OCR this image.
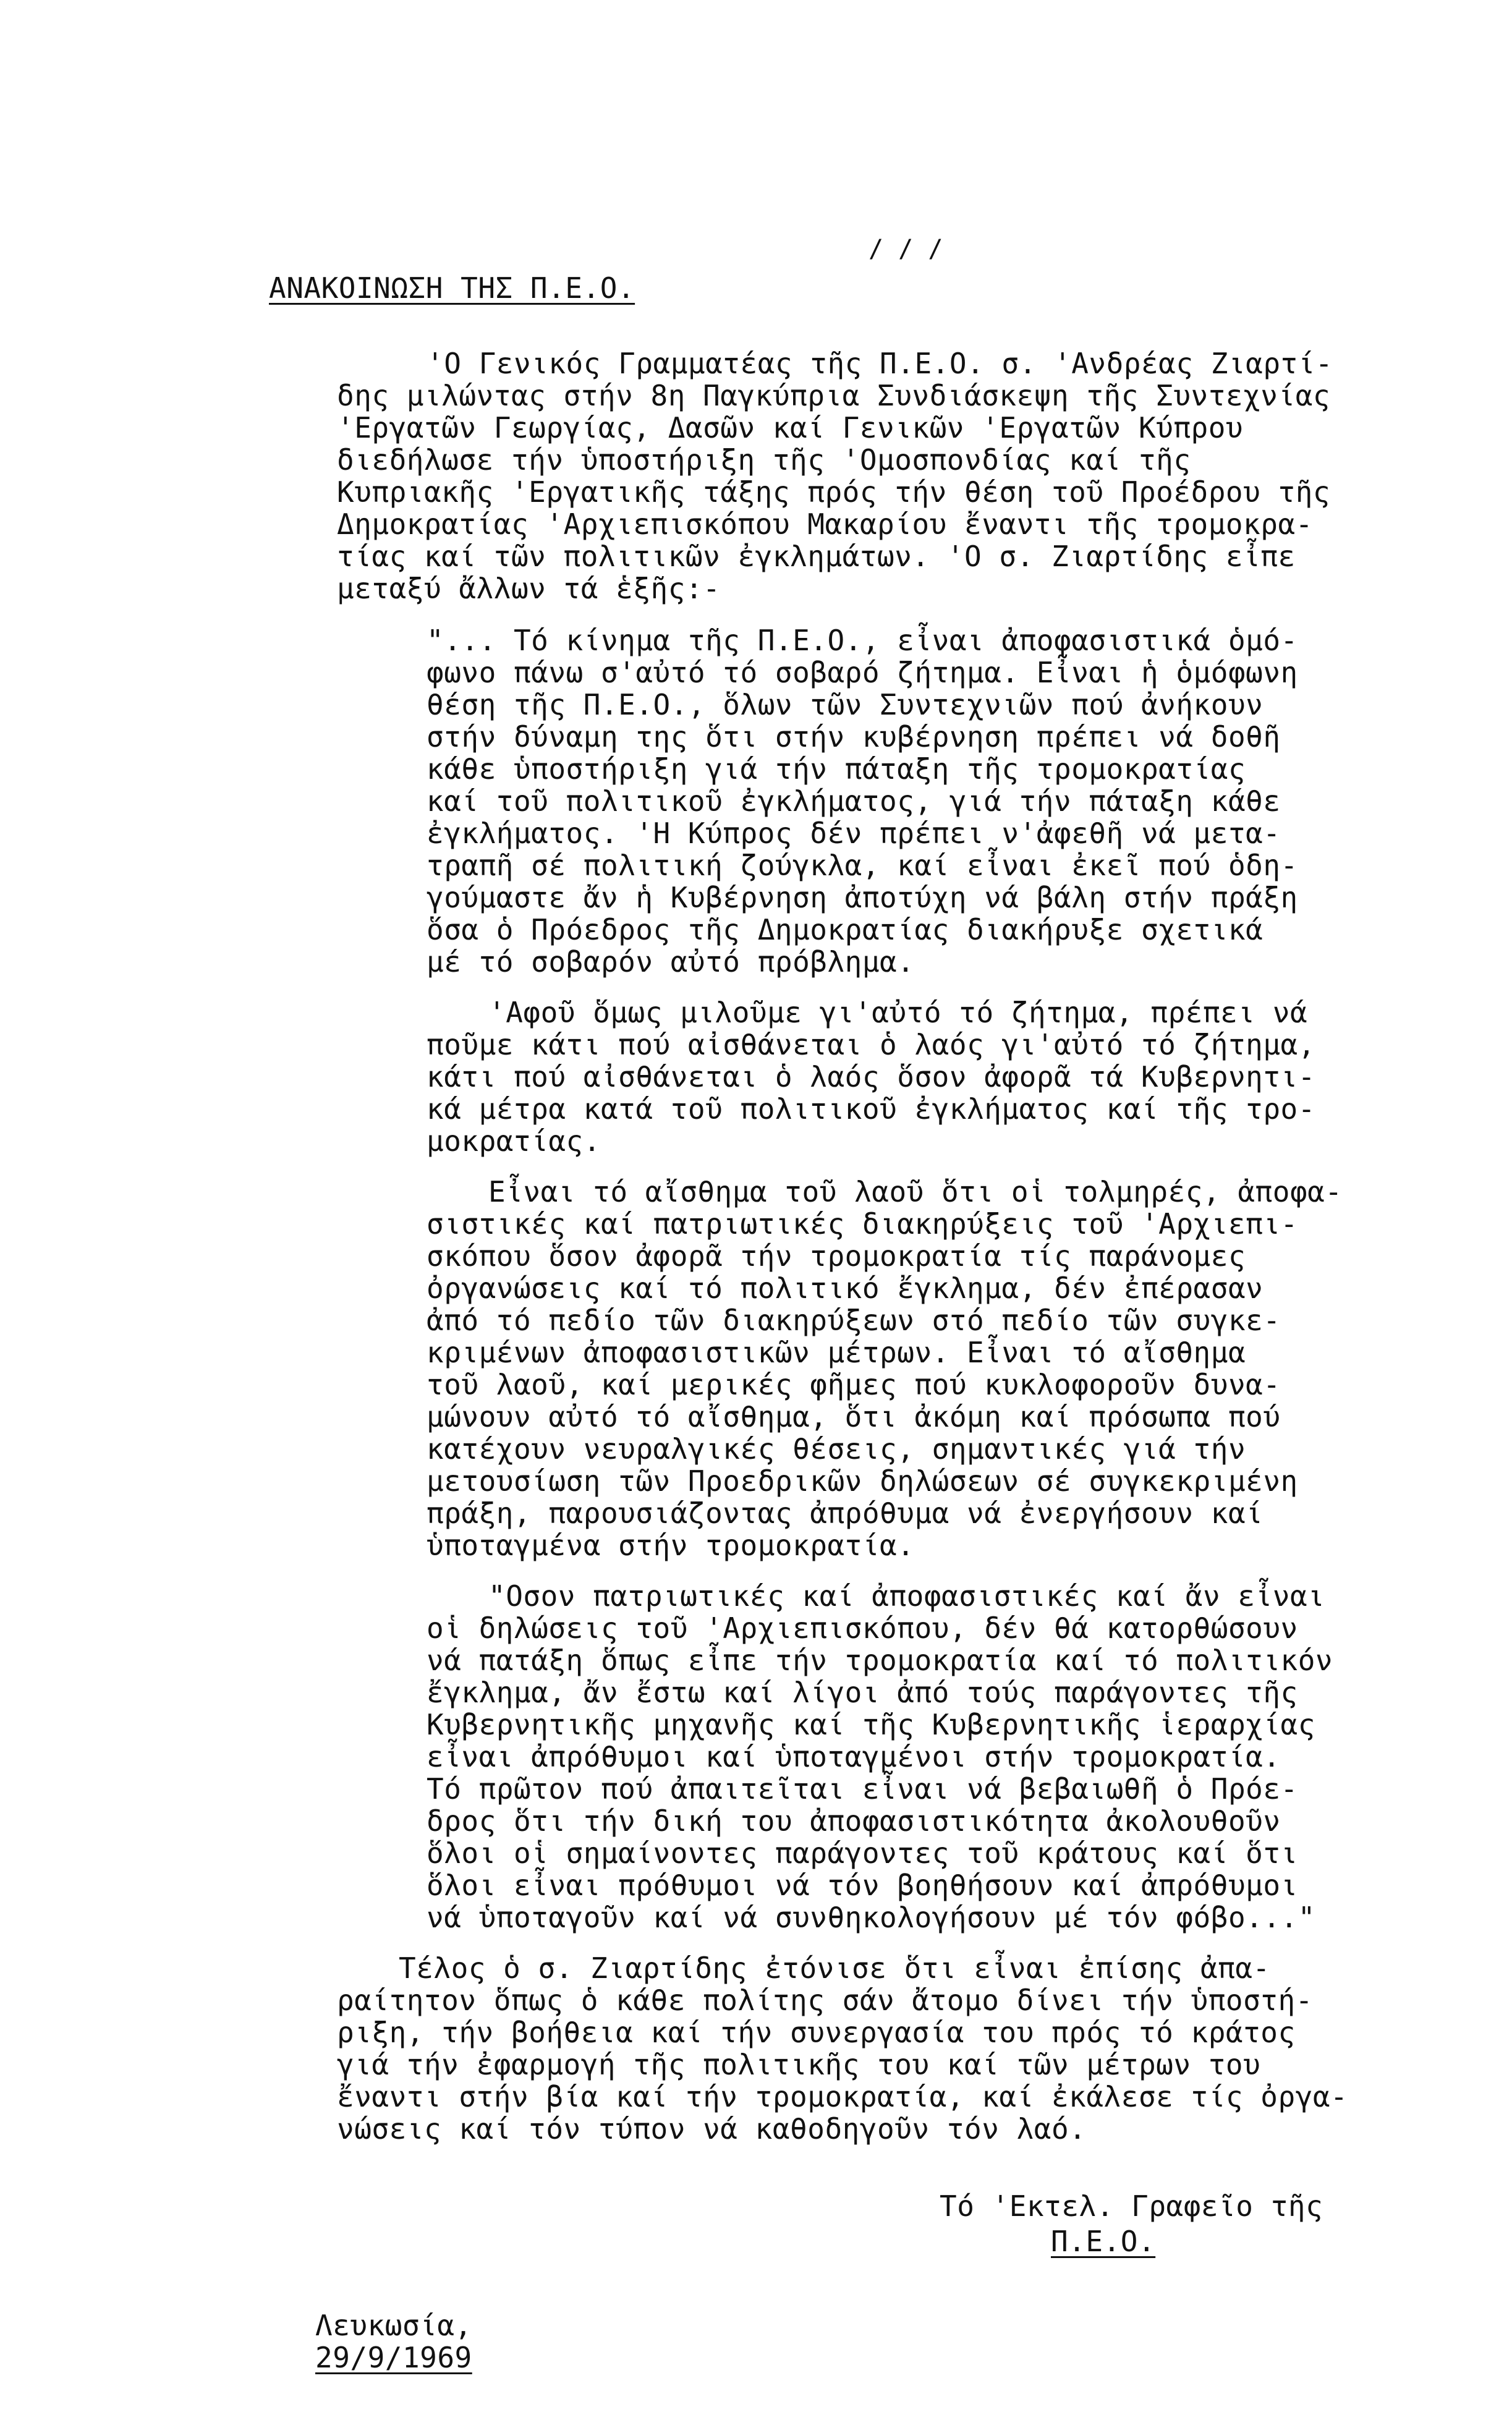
/ / /
ΑΝΑΚΟΙΝΩΣΗ ΤΗΣ Π.Ε.Ο.
'Ο Γενικός Γραμματέας τῆς Π.Ε.Ο. σ. 'Ανδρέας Ζιαρτί-
δης μιλώντας στήν 8η Παγκύπρια Συνδιάσκεψη τῆς Συντεχνίας
'Εργατῶν Γεωργίας, Δασῶν καί Γενικῶν 'Εργατῶν Κύπρου
διεδήλωσε τήν ὑποστήριξη τῆς 'Ομοσπονδίας καί τῆς
Κυπριακῆς 'Εργατικῆς τάξης πρός τήν θέση τοῦ Προέδρου τῆς
Δημοκρατίας 'Αρχιεπισκόπου Μακαρίου ἔναντι τῆς τρομοκρα-
τίας καί τῶν πολιτικῶν ἐγκλημάτων. 'Ο σ. Ζιαρτίδης εἶπε
μεταξύ ἄλλων τά ἑξῆς:-
"... Τό κίνημα τῆς Π.Ε.Ο., εἶναι ἀποφασιστικά ὁμό-
φωνο πάνω σ'αὐτό τό σοβαρό ζήτημα. Εἶναι ἡ ὁμόφωνη
θέση τῆς Π.Ε.Ο., ὅλων τῶν Συντεχνιῶν πού ἀνήκουν
στήν δύναμη της ὅτι στήν κυβέρνηση πρέπει νά δοθῆ
κάθε ὑποστήριξη γιά τήν πάταξη τῆς τρομοκρατίας
καί τοῦ πολιτικοῦ ἐγκλήματος, γιά τήν πάταξη κάθε
ἐγκλήματος. 'Η Κύπρος δέν πρέπει ν'ἀφεθῆ νά μετα-
τραπῆ σέ πολιτική ζούγκλα, καί εἶναι ἐκεῖ πού ὁδη-
γούμαστε ἄν ἡ Κυβέρνηση ἀποτύχη νά βάλη στήν πράξη
ὅσα ὁ Πρόεδρος τῆς Δημοκρατίας διακήρυξε σχετικά
μέ τό σοβαρόν αὐτό πρόβλημα.
'Αφοῦ ὅμως μιλοῦμε γι'αὐτό τό ζήτημα, πρέπει νά
ποῦμε κάτι πού αἰσθάνεται ὁ λαός γι'αὐτό τό ζήτημα,
κάτι πού αἰσθάνεται ὁ λαός ὅσον ἀφορᾶ τά Κυβερνητι-
κά μέτρα κατά τοῦ πολιτικοῦ ἐγκλήματος καί τῆς τρο-
μοκρατίας.
Εἶναι τό αἴσθημα τοῦ λαοῦ ὅτι οἱ τολμηρές, ἀποφα-
σιστικές καί πατριωτικές διακηρύξεις τοῦ 'Αρχιεπι-
σκόπου ὅσον ἀφορᾶ τήν τρομοκρατία τίς παράνομες
ὀργανώσεις καί τό πολιτικό ἔγκλημα, δέν ἐπέρασαν
ἀπό τό πεδίο τῶν διακηρύξεων στό πεδίο τῶν συγκε-
κριμένων ἀποφασιστικῶν μέτρων. Εἶναι τό αἴσθημα
τοῦ λαοῦ, καί μερικές φῆμες πού κυκλοφοροῦν δυνα-
μώνουν αὐτό τό αἴσθημα, ὅτι ἀκόμη καί πρόσωπα πού
κατέχουν νευραλγικές θέσεις, σημαντικές γιά τήν
μετουσίωση τῶν Προεδρικῶν δηλώσεων σέ συγκεκριμένη
πράξη, παρουσιάζοντας ἀπρόθυμα νά ἐνεργήσουν καί
ὑποταγμένα στήν τρομοκρατία.
"Οσον πατριωτικές καί ἀποφασιστικές καί ἄν εἶναι
οἱ δηλώσεις τοῦ 'Αρχιεπισκόπου, δέν θά κατορθώσουν
νά πατάξη ὅπως εἶπε τήν τρομοκρατία καί τό πολιτικόν
ἔγκλημα, ἄν ἔστω καί λίγοι ἀπό τούς παράγοντες τῆς
Κυβερνητικῆς μηχανῆς καί τῆς Κυβερνητικῆς ἱεραρχίας
εἶναι ἀπρόθυμοι καί ὑποταγμένοι στήν τρομοκρατία.
Τό πρῶτον πού ἀπαιτεῖται εἶναι νά βεβαιωθῆ ὁ Πρόε-
δρος ὅτι τήν δική του ἀποφασιστικότητα ἀκολουθοῦν
ὅλοι οἱ σημαίνοντες παράγοντες τοῦ κράτους καί ὅτι
ὅλοι εἶναι πρόθυμοι νά τόν βοηθήσουν καί ἀπρόθυμοι
νά ὑποταγοῦν καί νά συνθηκολογήσουν μέ τόν φόβο..."
Τέλος ὁ σ. Ζιαρτίδης ἐτόνισε ὅτι εἶναι ἐπίσης ἀπα-
ραίτητον ὅπως ὁ κάθε πολίτης σάν ἄτομο δίνει τήν ὑποστή-
ριξη, τήν βοήθεια καί τήν συνεργασία του πρός τό κράτος
γιά τήν ἐφαρμογή τῆς πολιτικῆς του καί τῶν μέτρων του
ἔναντι στήν βία καί τήν τρομοκρατία, καί ἐκάλεσε τίς ὀργα-
νώσεις καί τόν τύπον νά καθοδηγοῦν τόν λαό.
Τό 'Εκτελ. Γραφεῖο τῆς
Π.Ε.Ο.
Λευκωσία,
29/9/1969
